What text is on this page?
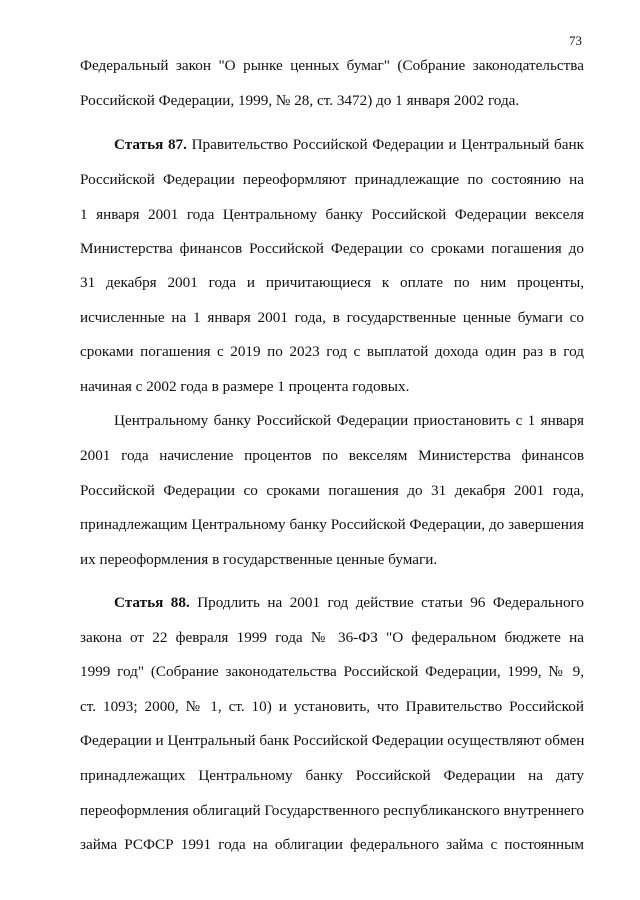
73
Федеральный закон "О рынке ценных бумаг" (Собрание законодательства
Российской Федерации, 1999, № 28, ст. 3472) до 1 января 2002 года.
Статья 87. Правительство Российской Федерации и Центральный банк
Российской Федерации переоформляют принадлежащие по состоянию на
1 января 2001 года Центральному банку Российской Федерации векселя
Министерства финансов Российской Федерации со сроками погашения до
31 декабря 2001 года и причитающиеся к оплате по ним проценты,
исчисленные на 1 января 2001 года, в государственные ценные бумаги со
сроками погашения с 2019 по 2023 год с выплатой дохода один раз в год
начиная с 2002 года в размере 1 процента годовых.
Центральному банку Российской Федерации приостановить с 1 января
2001 года начисление процентов по векселям Министерства финансов
Российской Федерации со сроками погашения до 31 декабря 2001 года,
принадлежащим Центральному банку Российской Федерации, до завершения
их переоформления в государственные ценные бумаги.
Статья 88. Продлить на 2001 год действие статьи 96 Федерального
закона от 22 февраля 1999 года № 36-ФЗ "О федеральном бюджете на
1999 год" (Собрание законодательства Российской Федерации, 1999, № 9,
ст. 1093; 2000, № 1, ст. 10) и установить, что Правительство Российской
Федерации и Центральный банк Российской Федерации осуществляют обмен
принадлежащих Центральному банку Российской Федерации на дату
переоформления облигаций Государственного республиканского внутреннего
займа РСФСР 1991 года на облигации федерального займа с постоянным
